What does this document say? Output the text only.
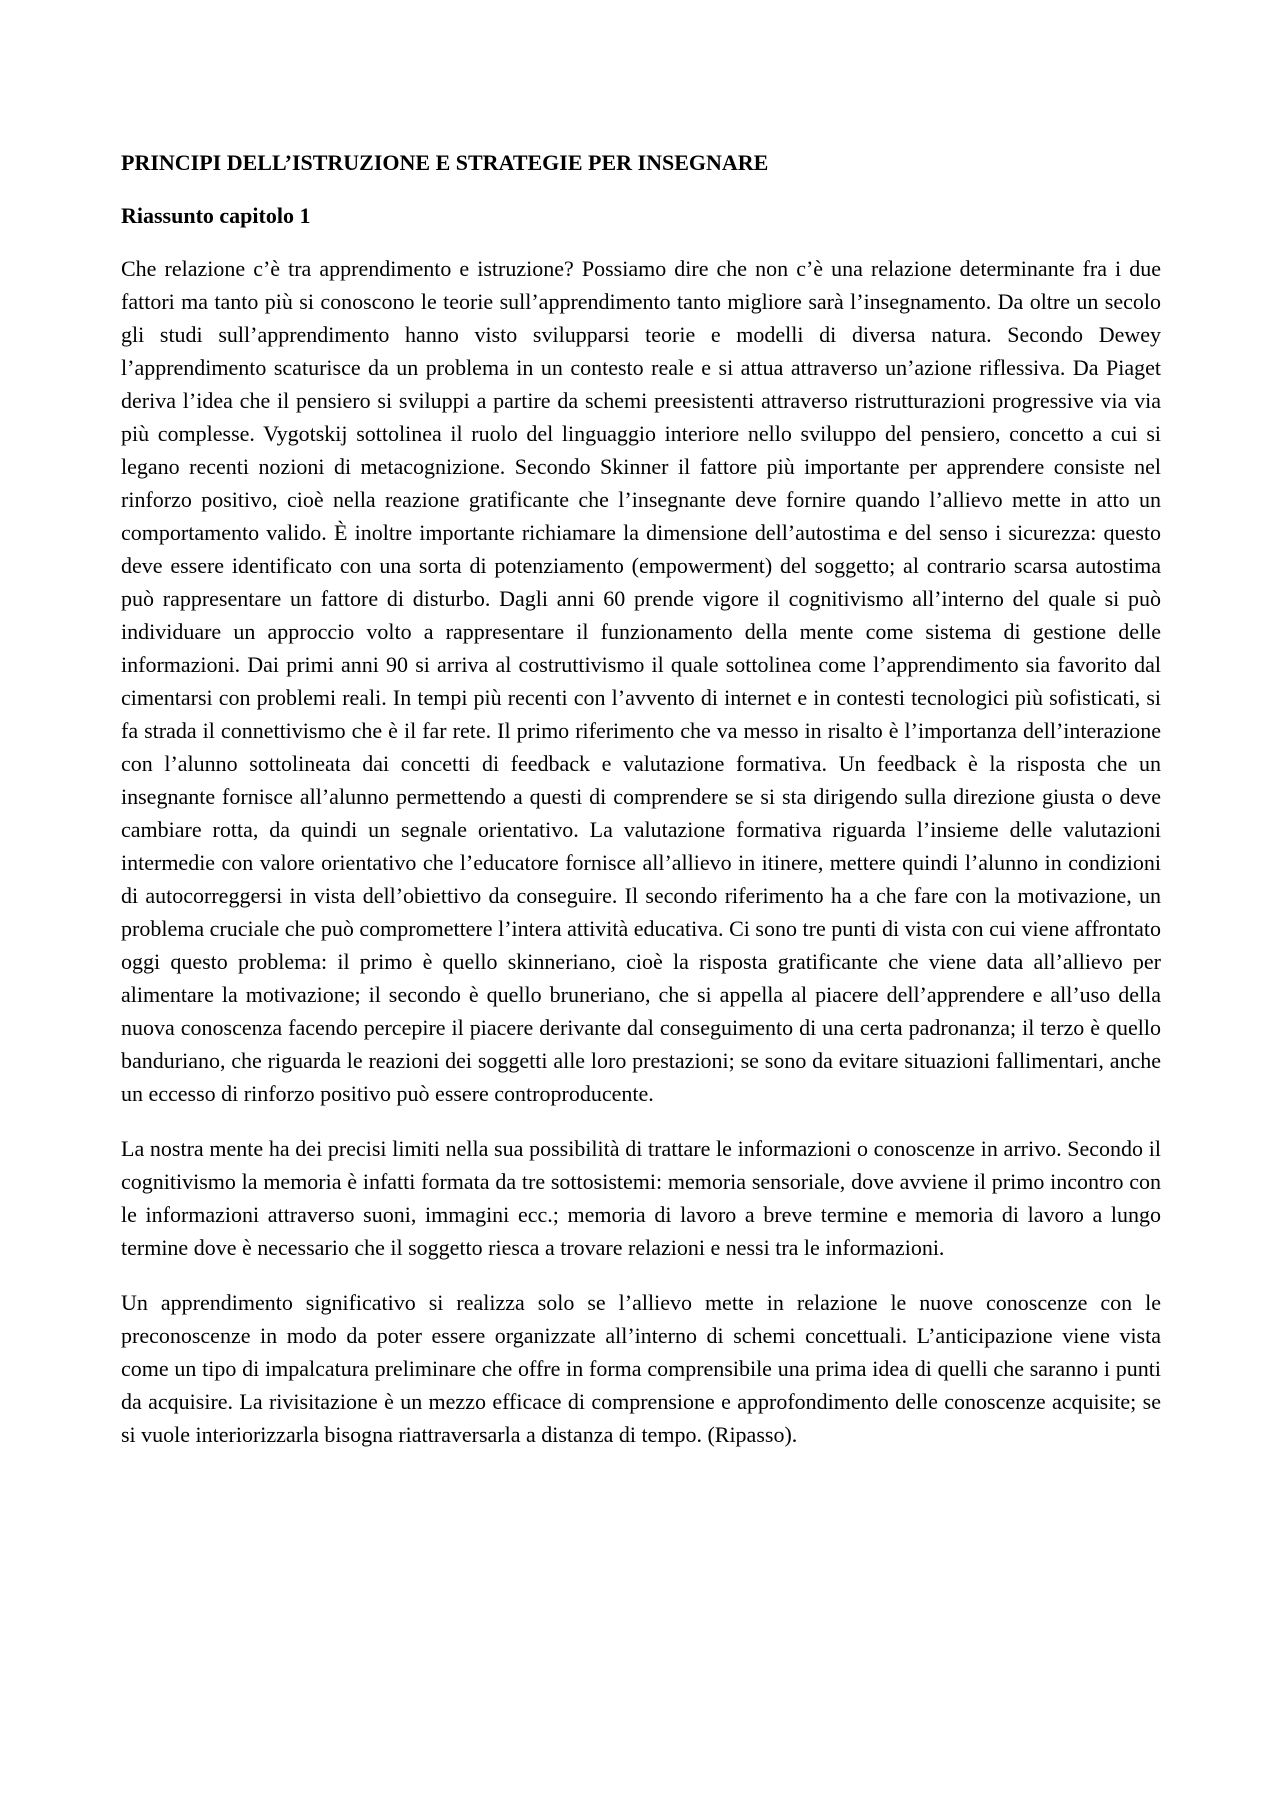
PRINCIPI DELL’ISTRUZIONE E STRATEGIE PER INSEGNARE
Riassunto capitolo 1

Che relazione c’è tra apprendimento e istruzione? Possiamo dire che non c’è una relazione determinante fra i due fattori ma tanto più si conoscono le teorie sull’apprendimento tanto migliore sarà l’insegnamento. Da oltre un secolo gli studi sull’apprendimento hanno visto svilupparsi teorie e modelli di diversa natura. Secondo Dewey l’apprendimento scaturisce da un problema in un contesto reale e si attua attraverso un’azione riflessiva. Da Piaget deriva l’idea che il pensiero si sviluppi a partire da schemi preesistenti attraverso ristrutturazioni progressive via via più complesse. Vygotskij sottolinea il ruolo del linguaggio interiore nello sviluppo del pensiero, concetto a cui si legano recenti nozioni di metacognizione. Secondo Skinner il fattore più importante per apprendere consiste nel rinforzo positivo, cioè nella reazione gratificante che l’insegnante deve fornire quando l’allievo mette in atto un comportamento valido. È inoltre importante richiamare la dimensione dell’autostima e del senso i sicurezza: questo deve essere identificato con una sorta di potenziamento (empowerment) del soggetto; al contrario scarsa autostima può rappresentare un fattore di disturbo. Dagli anni 60 prende vigore il cognitivismo all’interno del quale si può individuare un approccio volto a rappresentare il funzionamento della mente come sistema di gestione delle informazioni. Dai primi anni 90 si arriva al costruttivismo il quale sottolinea come l’apprendimento sia favorito dal cimentarsi con problemi reali. In tempi più recenti con l’avvento di internet e in contesti tecnologici più sofisticati, si fa strada il connettivismo che è il far rete. Il primo riferimento che va messo in risalto è l’importanza dell’interazione con l’alunno sottolineata dai concetti di feedback e valutazione formativa. Un feedback è la risposta che un insegnante fornisce all’alunno permettendo a questi di comprendere se si sta dirigendo sulla direzione giusta o deve cambiare rotta, da quindi un segnale orientativo. La valutazione formativa riguarda l’insieme delle valutazioni intermedie con valore orientativo che l’educatore fornisce all’allievo in itinere, mettere quindi l’alunno in condizioni di autocorreggersi in vista dell’obiettivo da conseguire. Il secondo riferimento ha a che fare con la motivazione, un problema cruciale che può compromettere l’intera attività educativa. Ci sono tre punti di vista con cui viene affrontato oggi questo problema: il primo è quello skinneriano, cioè la risposta gratificante che viene data all’allievo per alimentare la motivazione; il secondo è quello bruneriano, che si appella al piacere dell’apprendere e all’uso della nuova conoscenza facendo percepire il piacere derivante dal conseguimento di una certa padronanza; il terzo è quello banduriano, che riguarda le reazioni dei soggetti alle loro prestazioni; se sono da evitare situazioni fallimentari, anche un eccesso di rinforzo positivo può essere controproducente.

La nostra mente ha dei precisi limiti nella sua possibilità di trattare le informazioni o conoscenze in arrivo. Secondo il cognitivismo la memoria è infatti formata da tre sottosistemi: memoria sensoriale, dove avviene il primo incontro con le informazioni attraverso suoni, immagini ecc.; memoria di lavoro a breve termine e memoria di lavoro a lungo termine dove è necessario che il soggetto riesca a trovare relazioni e nessi tra le informazioni.

Un apprendimento significativo si realizza solo se l’allievo mette in relazione le nuove conoscenze con le preconoscenze in modo da poter essere organizzate all’interno di schemi concettuali. L’anticipazione viene vista come un tipo di impalcatura preliminare che offre in forma comprensibile una prima idea di quelli che saranno i punti da acquisire. La rivisitazione è un mezzo efficace di comprensione e approfondimento delle conoscenze acquisite; se si vuole interiorizzarla bisogna riattraversarla a distanza di tempo. (Ripasso).
